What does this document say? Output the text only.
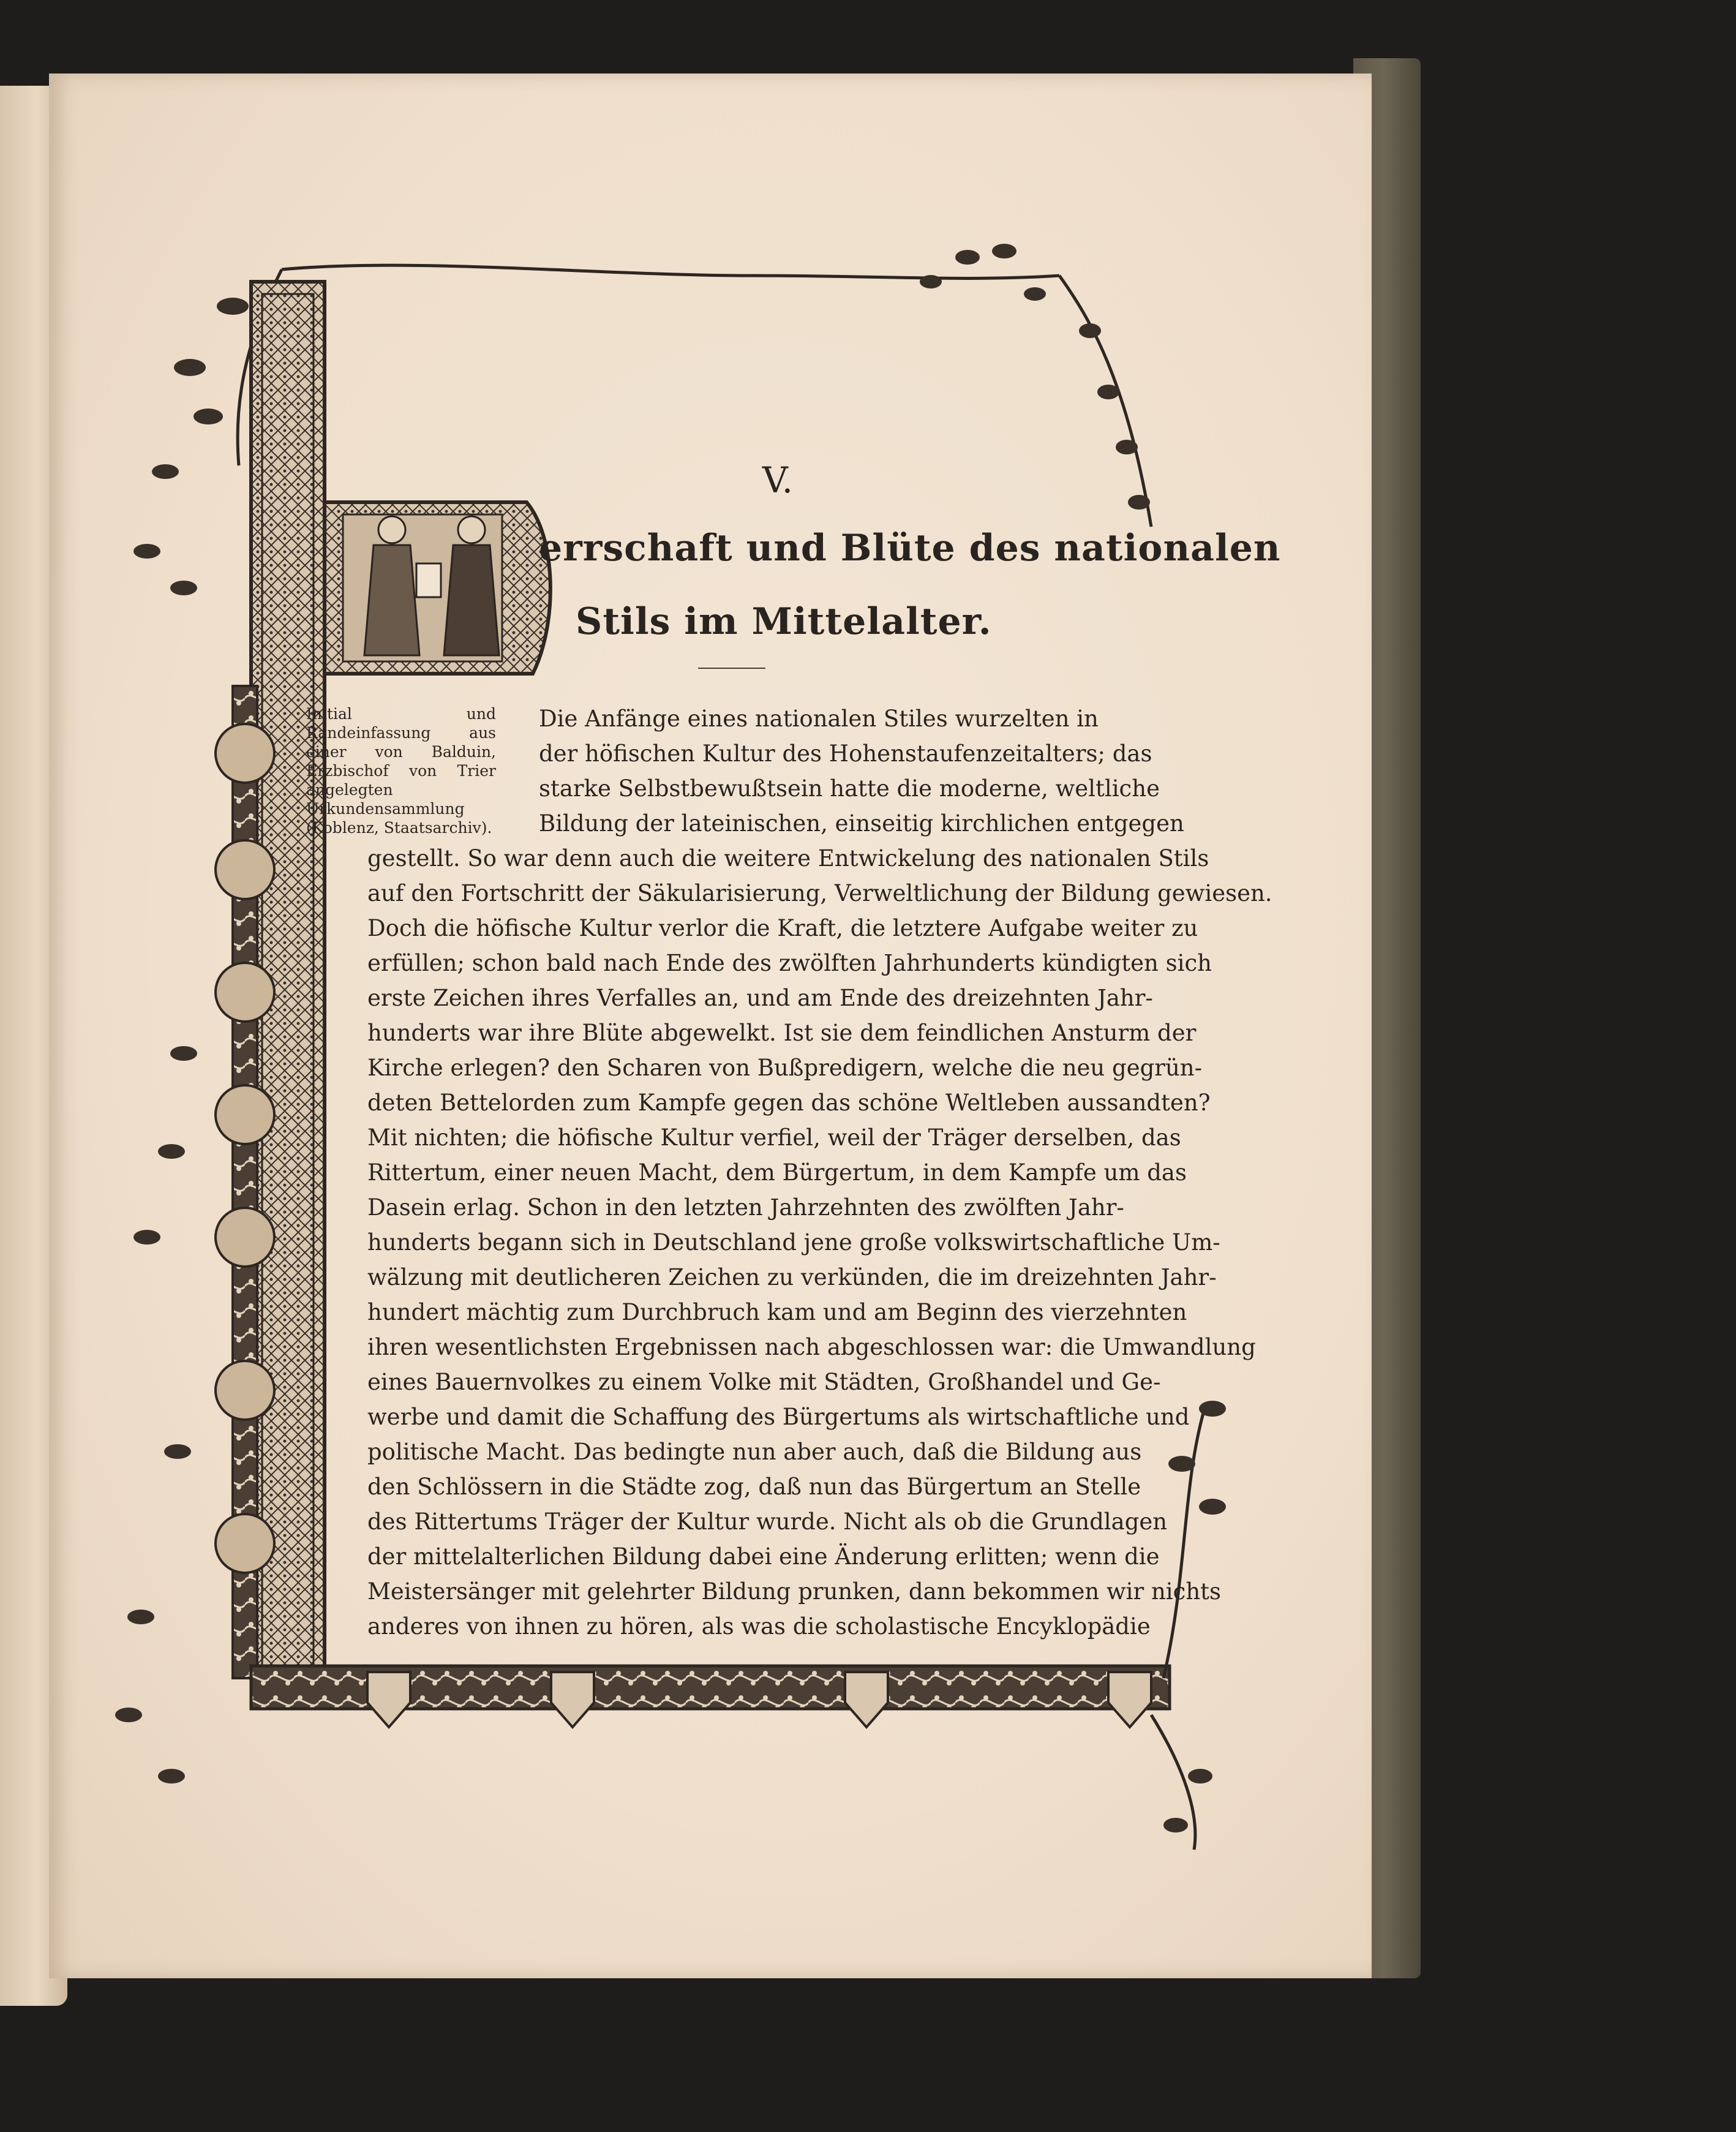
V.
errschaft und Blüte des nationalen
Stils im Mittelalter.
Initial und Randeinfassung aus einer von Balduin, Erzbischof von Trier angelegten Urkundensammlung (Koblenz, Staatsarchiv).
Die Anfänge eines nationalen Stiles wurzelten in
der höfischen Kultur des Hohenstaufenzeitalters; das
starke Selbstbewußtsein hatte die moderne, weltliche
Bildung der lateinischen, einseitig kirchlichen entgegen
gestellt. So war denn auch die weitere Entwickelung des nationalen Stils
auf den Fortschritt der Säkularisierung, Verweltlichung der Bildung gewiesen.
Doch die höfische Kultur verlor die Kraft, die letztere Aufgabe weiter zu
erfüllen; schon bald nach Ende des zwölften Jahrhunderts kündigten sich
erste Zeichen ihres Verfalles an, und am Ende des dreizehnten Jahr-
hunderts war ihre Blüte abgewelkt. Ist sie dem feindlichen Ansturm der
Kirche erlegen? den Scharen von Bußpredigern, welche die neu gegrün-
deten Bettelorden zum Kampfe gegen das schöne Weltleben aussandten?
Mit nichten; die höfische Kultur verfiel, weil der Träger derselben, das
Rittertum, einer neuen Macht, dem Bürgertum, in dem Kampfe um das
Dasein erlag. Schon in den letzten Jahrzehnten des zwölften Jahr-
hunderts begann sich in Deutschland jene große volkswirtschaftliche Um-
wälzung mit deutlicheren Zeichen zu verkünden, die im dreizehnten Jahr-
hundert mächtig zum Durchbruch kam und am Beginn des vierzehnten
ihren wesentlichsten Ergebnissen nach abgeschlossen war: die Umwandlung
eines Bauernvolkes zu einem Volke mit Städten, Großhandel und Ge-
werbe und damit die Schaffung des Bürgertums als wirtschaftliche und
politische Macht. Das bedingte nun aber auch, daß die Bildung aus
den Schlössern in die Städte zog, daß nun das Bürgertum an Stelle
des Rittertums Träger der Kultur wurde. Nicht als ob die Grundlagen
der mittelalterlichen Bildung dabei eine Änderung erlitten; wenn die
Meistersänger mit gelehrter Bildung prunken, dann bekommen wir nichts
anderes von ihnen zu hören, als was die scholastische Encyklopädie
